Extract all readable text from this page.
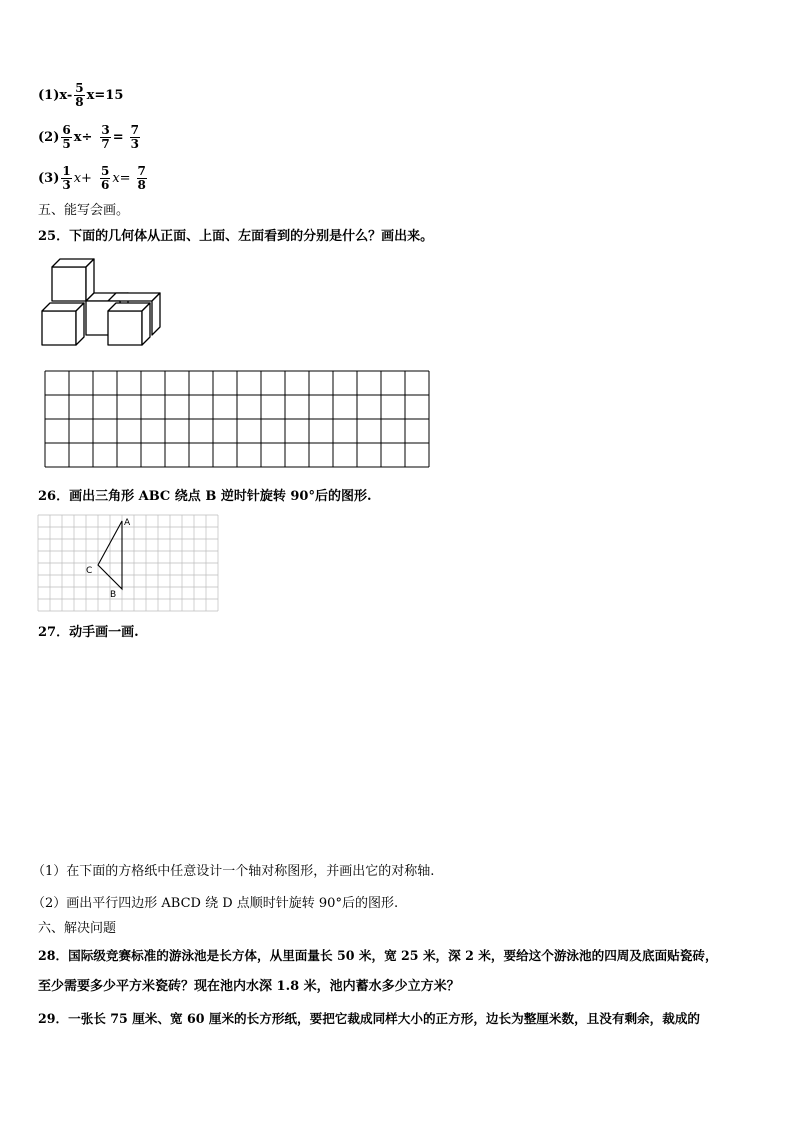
$(1)x- \frac{5}{8} x=15$
$(2) \frac{6}{5} x\div \frac{3}{7} = \frac{7}{3}$
$(3) \frac{1}{3} x+ \frac{5}{6} x= \frac{7}{8}$
五、能写会画。
25．下面的几何体从正面、上面、左面看到的分别是什么？画出来。
26．画出三角形 ABC 绕点 B 逆时针旋转 90°后的图形.
A
C
B
27．动手画一画.
（1）在下面的方格纸中任意设计一个轴对称图形，并画出它的对称轴.
（2）画出平行四边形 ABCD 绕 D 点顺时针旋转 90°后的图形.
六、解决问题
28．国际级竞赛标准的游泳池是长方体，从里面量长 50 米，宽 25 米，深 2 米，要给这个游泳池的四周及底面贴瓷砖，
至少需要多少平方米瓷砖？现在池内水深 1.8 米，池内蓄水多少立方米？
29．一张长 75 厘米、宽 60 厘米的长方形纸，要把它裁成同样大小的正方形，边长为整厘米数，且没有剩余，裁成的
